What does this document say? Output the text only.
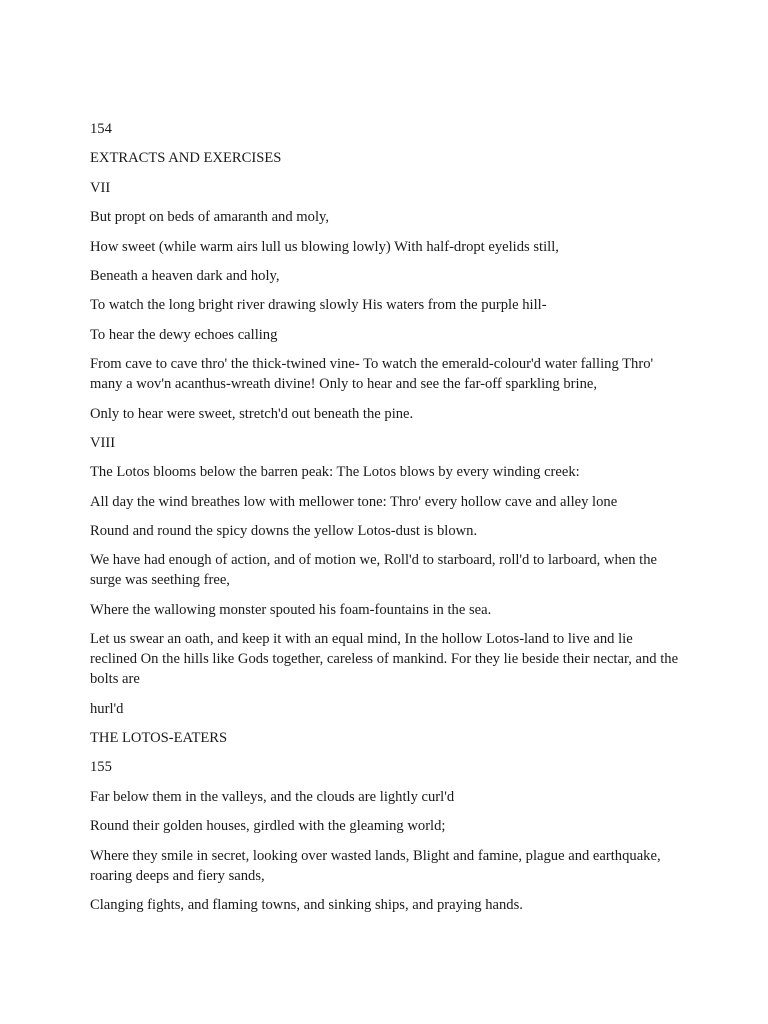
154

EXTRACTS AND EXERCISES

VII

But propt on beds of amaranth and moly,

How sweet (while warm airs lull us blowing lowly) With half-dropt eyelids still,

Beneath a heaven dark and holy,

To watch the long bright river drawing slowly His waters from the purple hill-

To hear the dewy echoes calling

From cave to cave thro' the thick-twined vine- To watch the emerald-colour'd water falling Thro' many a wov'n acanthus-wreath divine! Only to hear and see the far-off sparkling brine,

Only to hear were sweet, stretch'd out beneath the pine.

VIII

The Lotos blooms below the barren peak: The Lotos blows by every winding creek:

All day the wind breathes low with mellower tone: Thro' every hollow cave and alley lone

Round and round the spicy downs the yellow Lotos-dust is blown.

We have had enough of action, and of motion we, Roll'd to starboard, roll'd to larboard, when the surge was seething free,

Where the wallowing monster spouted his foam-fountains in the sea.

Let us swear an oath, and keep it with an equal mind, In the hollow Lotos-land to live and lie reclined On the hills like Gods together, careless of mankind. For they lie beside their nectar, and the bolts are

hurl'd

THE LOTOS-EATERS

155

Far below them in the valleys, and the clouds are lightly curl'd

Round their golden houses, girdled with the gleaming world;

Where they smile in secret, looking over wasted lands, Blight and famine, plague and earthquake, roaring deeps and fiery sands,

Clanging fights, and flaming towns, and sinking ships, and praying hands.
